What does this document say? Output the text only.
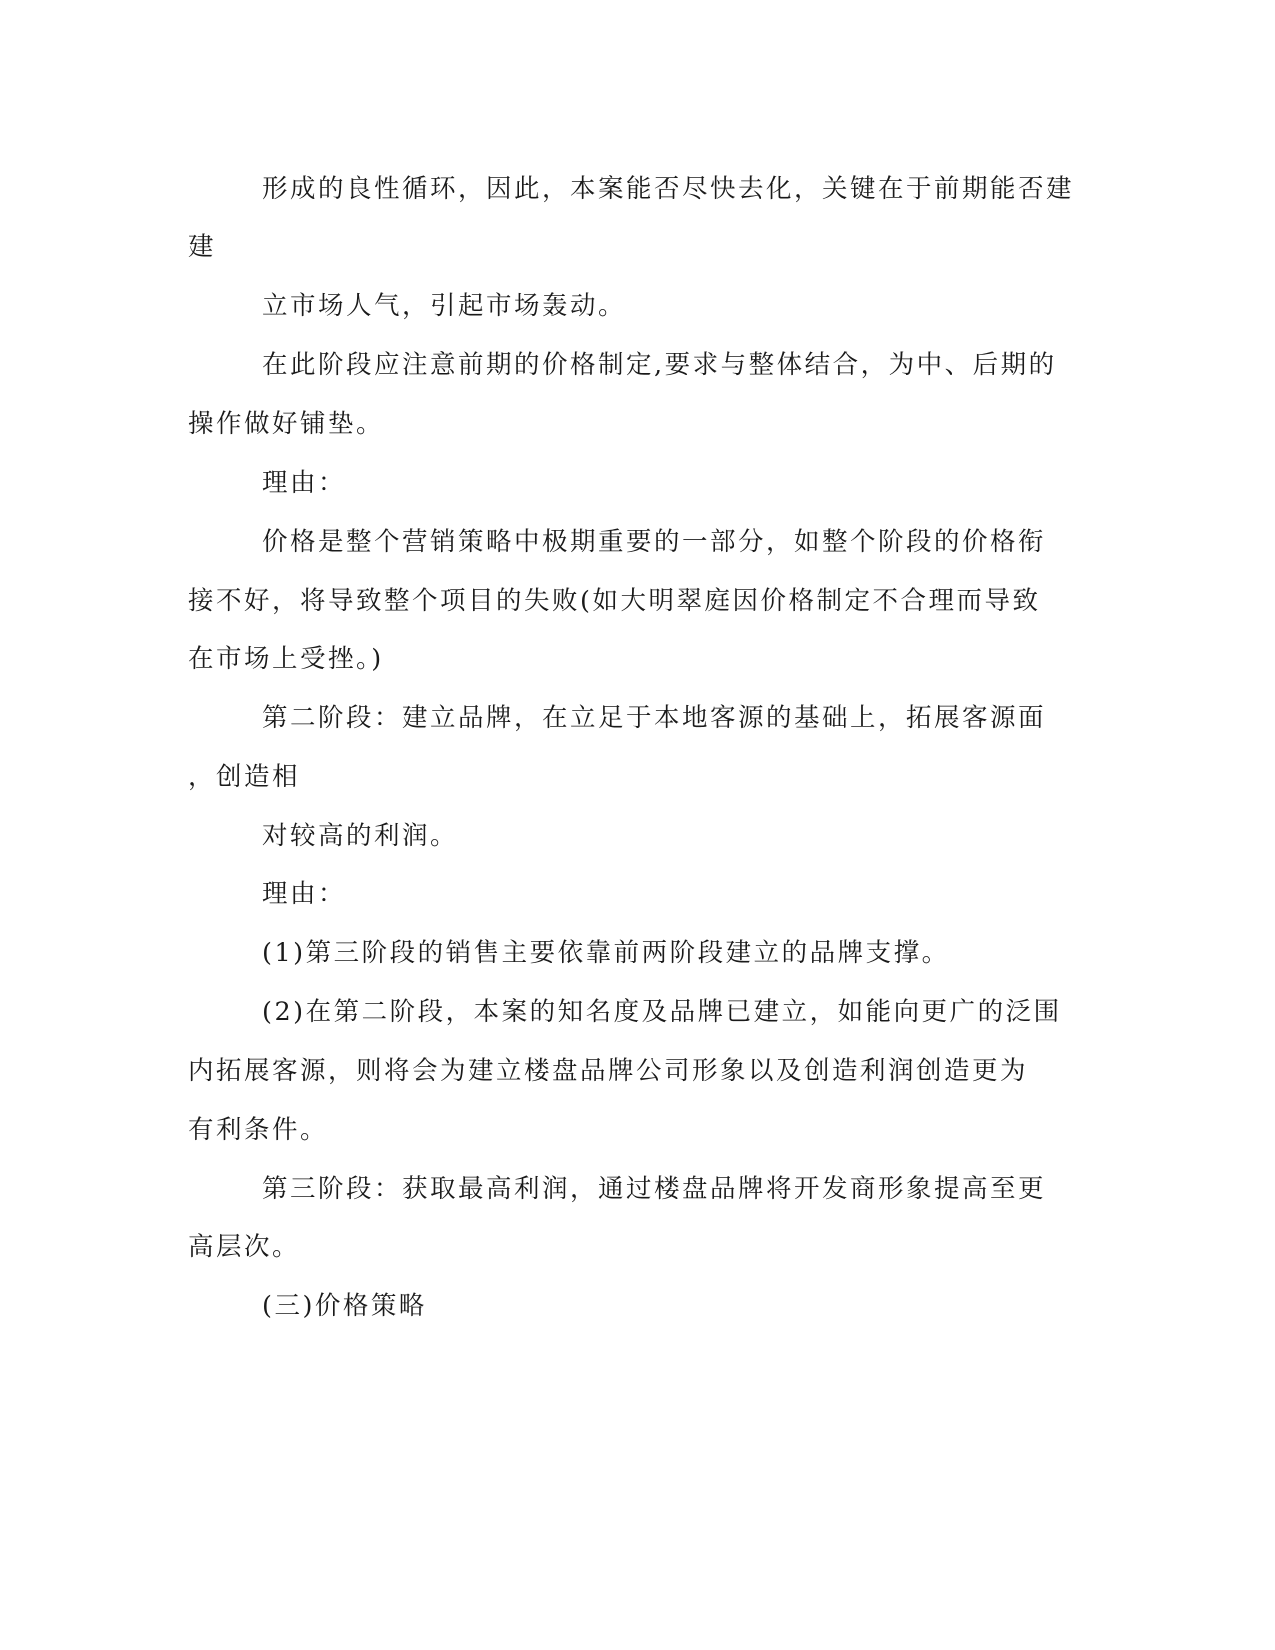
形成的良性循环，因此，本案能否尽快去化，关键在于前期能否建
建
立市场人气，引起市场轰动。
在此阶段应注意前期的价格制定,要求与整体结合，为中、后期的
操作做好铺垫。
理由：
价格是整个营销策略中极期重要的一部分，如整个阶段的价格衔
接不好，将导致整个项目的失败(如大明翠庭因价格制定不合理而导致
在市场上受挫。)
第二阶段：建立品牌，在立足于本地客源的基础上，拓展客源面
，创造相
对较高的利润。
理由：
(1)第三阶段的销售主要依靠前两阶段建立的品牌支撑。
(2)在第二阶段，本案的知名度及品牌已建立，如能向更广的泛围
内拓展客源，则将会为建立楼盘品牌公司形象以及创造利润创造更为
有利条件。
第三阶段：获取最高利润，通过楼盘品牌将开发商形象提高至更
高层次。
(三)价格策略
